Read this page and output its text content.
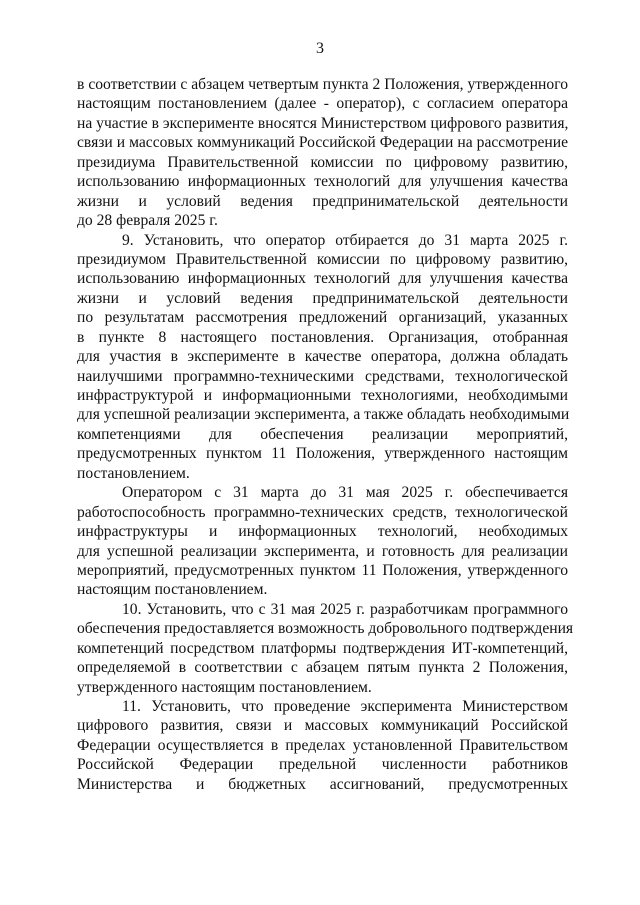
3
в соответствии с абзацем четвертым пункта 2 Положения, утвержденного
настоящим постановлением (далее - оператор), с согласием оператора
на участие в эксперименте вносятся Министерством цифрового развития,
связи и массовых коммуникаций Российской Федерации на рассмотрение
президиума Правительственной комиссии по цифровому развитию,
использованию информационных технологий для улучшения качества
жизни и условий ведения предпринимательской деятельности
до 28 февраля 2025 г.
9. Установить, что оператор отбирается до 31 марта 2025 г.
президиумом Правительственной комиссии по цифровому развитию,
использованию информационных технологий для улучшения качества
жизни и условий ведения предпринимательской деятельности
по результатам рассмотрения предложений организаций, указанных
в пункте 8 настоящего постановления. Организация, отобранная
для участия в эксперименте в качестве оператора, должна обладать
наилучшими программно-техническими средствами, технологической
инфраструктурой и информационными технологиями, необходимыми
для успешной реализации эксперимента, а также обладать необходимыми
компетенциями для обеспечения реализации мероприятий,
предусмотренных пунктом 11 Положения, утвержденного настоящим
постановлением.
Оператором с 31 марта до 31 мая 2025 г. обеспечивается
работоспособность программно-технических средств, технологической
инфраструктуры и информационных технологий, необходимых
для успешной реализации эксперимента, и готовность для реализации
мероприятий, предусмотренных пунктом 11 Положения, утвержденного
настоящим постановлением.
10. Установить, что с 31 мая 2025 г. разработчикам программного
обеспечения предоставляется возможность добровольного подтверждения
компетенций посредством платформы подтверждения ИТ-компетенций,
определяемой в соответствии с абзацем пятым пункта 2 Положения,
утвержденного настоящим постановлением.
11. Установить, что проведение эксперимента Министерством
цифрового развития, связи и массовых коммуникаций Российской
Федерации осуществляется в пределах установленной Правительством
Российской Федерации предельной численности работников
Министерства и бюджетных ассигнований, предусмотренных
